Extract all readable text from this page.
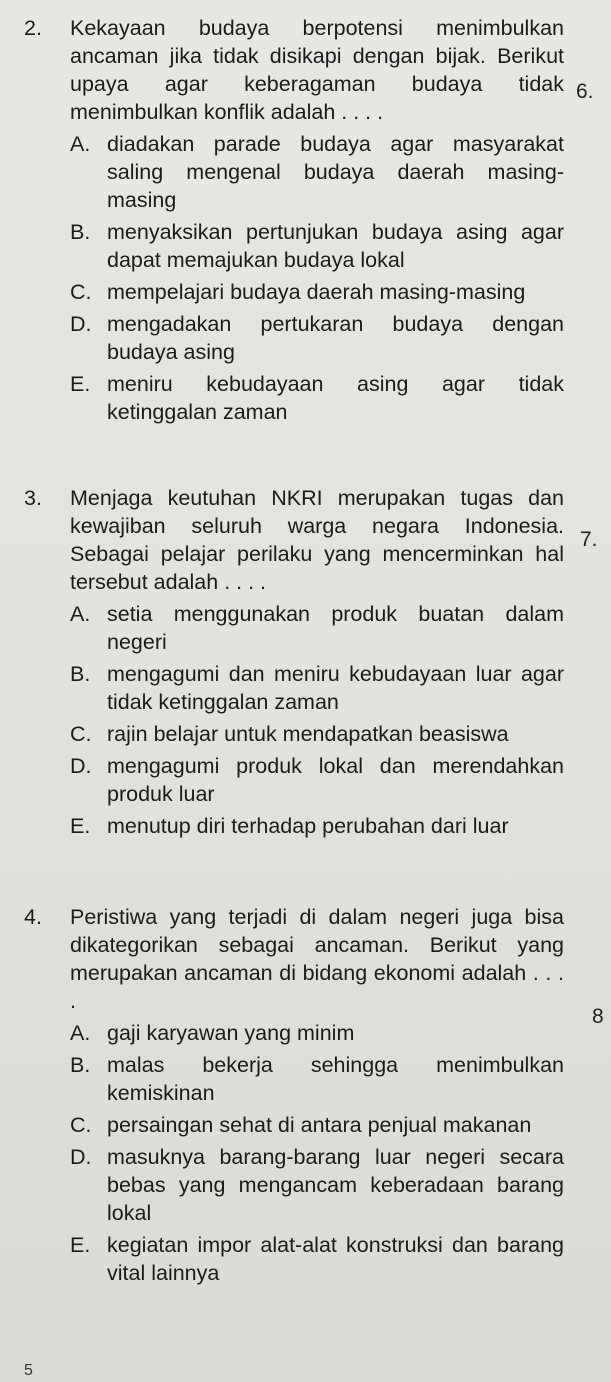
2. Kekayaan budaya berpotensi menimbulkan ancaman jika tidak disikapi dengan bijak. Berikut upaya agar keberagaman budaya tidak menimbulkan konflik adalah . . . .
A. diadakan parade budaya agar masyarakat saling mengenal budaya daerah masing-masing
B. menyaksikan pertunjukan budaya asing agar dapat memajukan budaya lokal
C. mempelajari budaya daerah masing-masing
D. mengadakan pertukaran budaya dengan budaya asing
E. meniru kebudayaan asing agar tidak ketinggalan zaman
3. Menjaga keutuhan NKRI merupakan tugas dan kewajiban seluruh warga negara Indonesia. Sebagai pelajar perilaku yang mencerminkan hal tersebut adalah . . . .
A. setia menggunakan produk buatan dalam negeri
B. mengagumi dan meniru kebudayaan luar agar tidak ketinggalan zaman
C. rajin belajar untuk mendapatkan beasiswa
D. mengagumi produk lokal dan merendahkan produk luar
E. menutup diri terhadap perubahan dari luar
4. Peristiwa yang terjadi di dalam negeri juga bisa dikategorikan sebagai ancaman. Berikut yang merupakan ancaman di bidang ekonomi adalah . . . .
A. gaji karyawan yang minim
B. malas bekerja sehingga menimbulkan kemiskinan
C. persaingan sehat di antara penjual makanan
D. masuknya barang-barang luar negeri secara bebas yang mengancam keberadaan barang lokal
E. kegiatan impor alat-alat konstruksi dan barang vital lainnya
6.
7.
8
5
